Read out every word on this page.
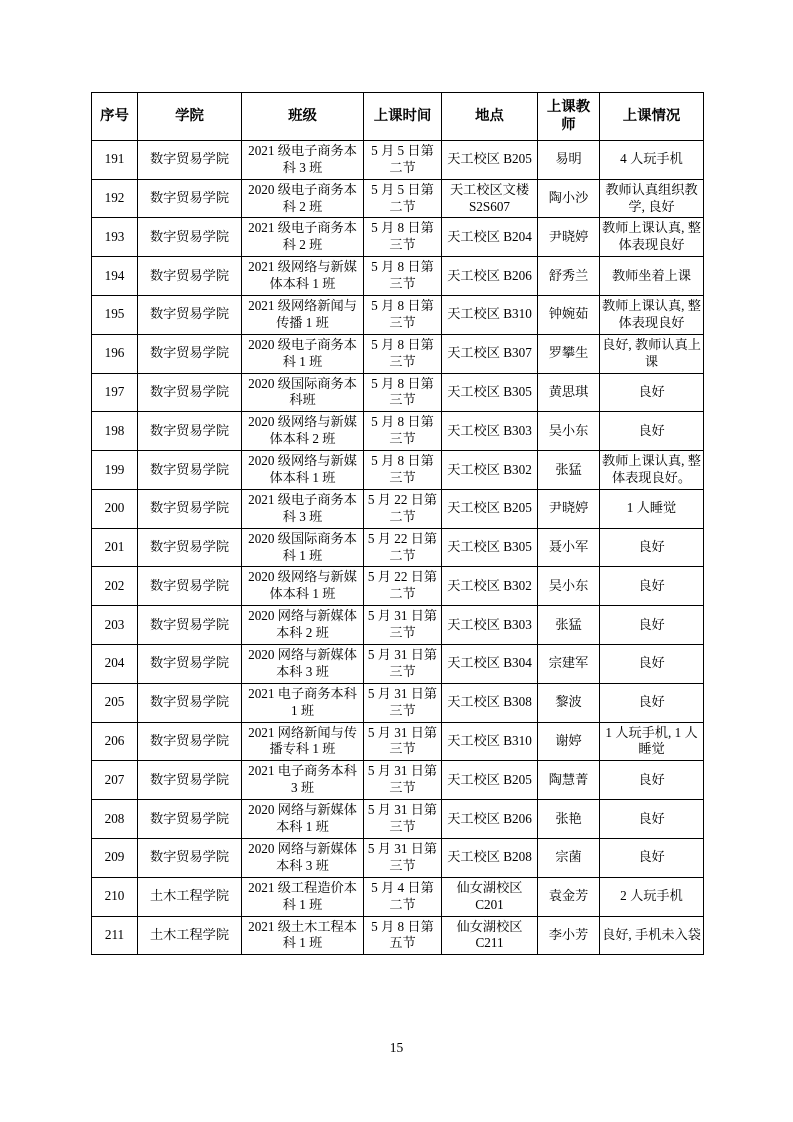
序号	学院	班级	上课时间	地点	上课教师	上课情况
191	数字贸易学院	2021 级电子商务本科 3 班	5 月 5 日第二节	天工校区 B205	易明	4 人玩手机
192	数字贸易学院	2020 级电子商务本科 2 班	5 月 5 日第二节	天工校区文楼 S2S607	陶小沙	教师认真组织教学, 良好
193	数字贸易学院	2021 级电子商务本科 2 班	5 月 8 日第三节	天工校区 B204	尹晓婷	教师上课认真, 整体表现良好
194	数字贸易学院	2021 级网络与新媒体本科 1 班	5 月 8 日第三节	天工校区 B206	舒秀兰	教师坐着上课
195	数字贸易学院	2021 级网络新闻与传播 1 班	5 月 8 日第三节	天工校区 B310	钟婉茹	教师上课认真, 整体表现良好
196	数字贸易学院	2020 级电子商务本科 1 班	5 月 8 日第三节	天工校区 B307	罗攀生	良好, 教师认真上课
197	数字贸易学院	2020 级国际商务本科班	5 月 8 日第三节	天工校区 B305	黄思琪	良好
198	数字贸易学院	2020 级网络与新媒体本科 2 班	5 月 8 日第三节	天工校区 B303	吴小东	良好
199	数字贸易学院	2020 级网络与新媒体本科 1 班	5 月 8 日第三节	天工校区 B302	张猛	教师上课认真, 整体表现良好。
200	数字贸易学院	2021 级电子商务本科 3 班	5 月 22 日第二节	天工校区 B205	尹晓婷	1 人睡觉
201	数字贸易学院	2020 级国际商务本科 1 班	5 月 22 日第二节	天工校区 B305	聂小军	良好
202	数字贸易学院	2020 级网络与新媒体本科 1 班	5 月 22 日第二节	天工校区 B302	吴小东	良好
203	数字贸易学院	2020 网络与新媒体本科 2 班	5 月 31 日第三节	天工校区 B303	张猛	良好
204	数字贸易学院	2020 网络与新媒体本科 3 班	5 月 31 日第三节	天工校区 B304	宗建军	良好
205	数字贸易学院	2021 电子商务本科 1 班	5 月 31 日第三节	天工校区 B308	黎波	良好
206	数字贸易学院	2021 网络新闻与传播专科 1 班	5 月 31 日第三节	天工校区 B310	谢婷	1 人玩手机, 1 人睡觉
207	数字贸易学院	2021 电子商务本科 3 班	5 月 31 日第三节	天工校区 B205	陶慧菁	良好
208	数字贸易学院	2020 网络与新媒体本科 1 班	5 月 31 日第三节	天工校区 B206	张艳	良好
209	数字贸易学院	2020 网络与新媒体本科 3 班	5 月 31 日第三节	天工校区 B208	宗菌	良好
210	土木工程学院	2021 级工程造价本科 1 班	5 月 4 日第二节	仙女湖校区 C201	袁金芳	2 人玩手机
211	土木工程学院	2021 级土木工程本科 1 班	5 月 8 日第五节	仙女湖校区 C211	李小芳	良好, 手机未入袋
15
